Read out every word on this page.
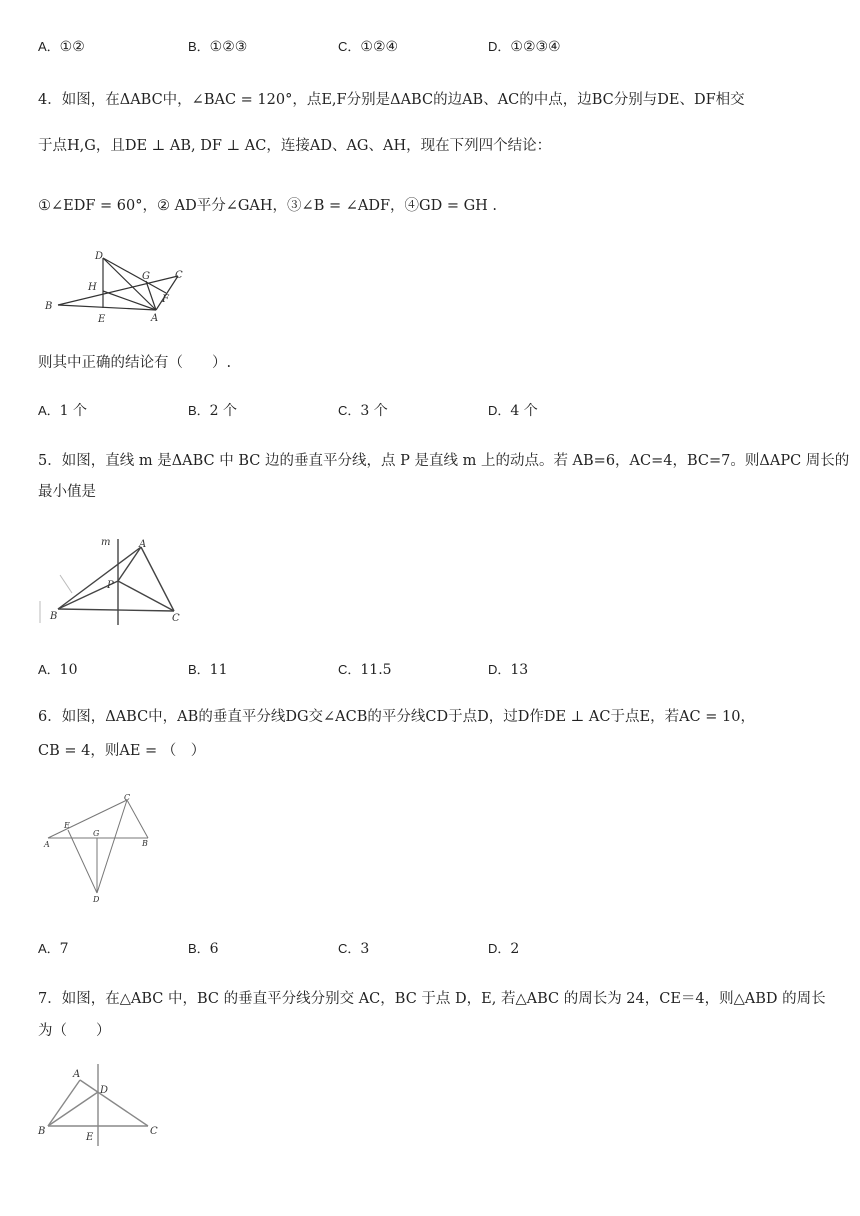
A．①②	B．①②③	C．①②④	D．①②③④
4．如图，在ΔABC中，∠BAC = 120°，点E,F分别是ΔABC的边AB、AC的中点，边BC分别与DE、DF相交
于点H,G，且DE ⊥ AB, DF ⊥ AC，连接AD、AG、AH，现在下列四个结论：
①∠EDF = 60°，② AD平分∠GAH，③∠B = ∠ADF，④GD = GH .
D
G	C
H
F
B
E	A
则其中正确的结论有（　　）.
A．1 个	B．2 个	C．3 个	D．4 个
5．如图，直线 m 是ΔABC 中 BC 边的垂直平分线，点 P 是直线 m 上的动点。若 AB=6，AC=4，BC=7。则ΔAPC 周长的
最小值是
m	A
P
B	C
A．10	B．11	C．11.5	D．13
6．如图，ΔABC中，AB的垂直平分线DG交∠ACB的平分线CD于点D，过D作DE ⊥ AC于点E，若AC = 10，
CB = 4，则AE = （　）
C
E
G
A	B
D
A．7	B．6	C．3	D．2
7．如图，在△ABC 中，BC 的垂直平分线分别交 AC，BC 于点 D，E, 若△ABC 的周长为 24，CE＝4，则△ABD 的周长
为（　　）
A
D
B
E
C
